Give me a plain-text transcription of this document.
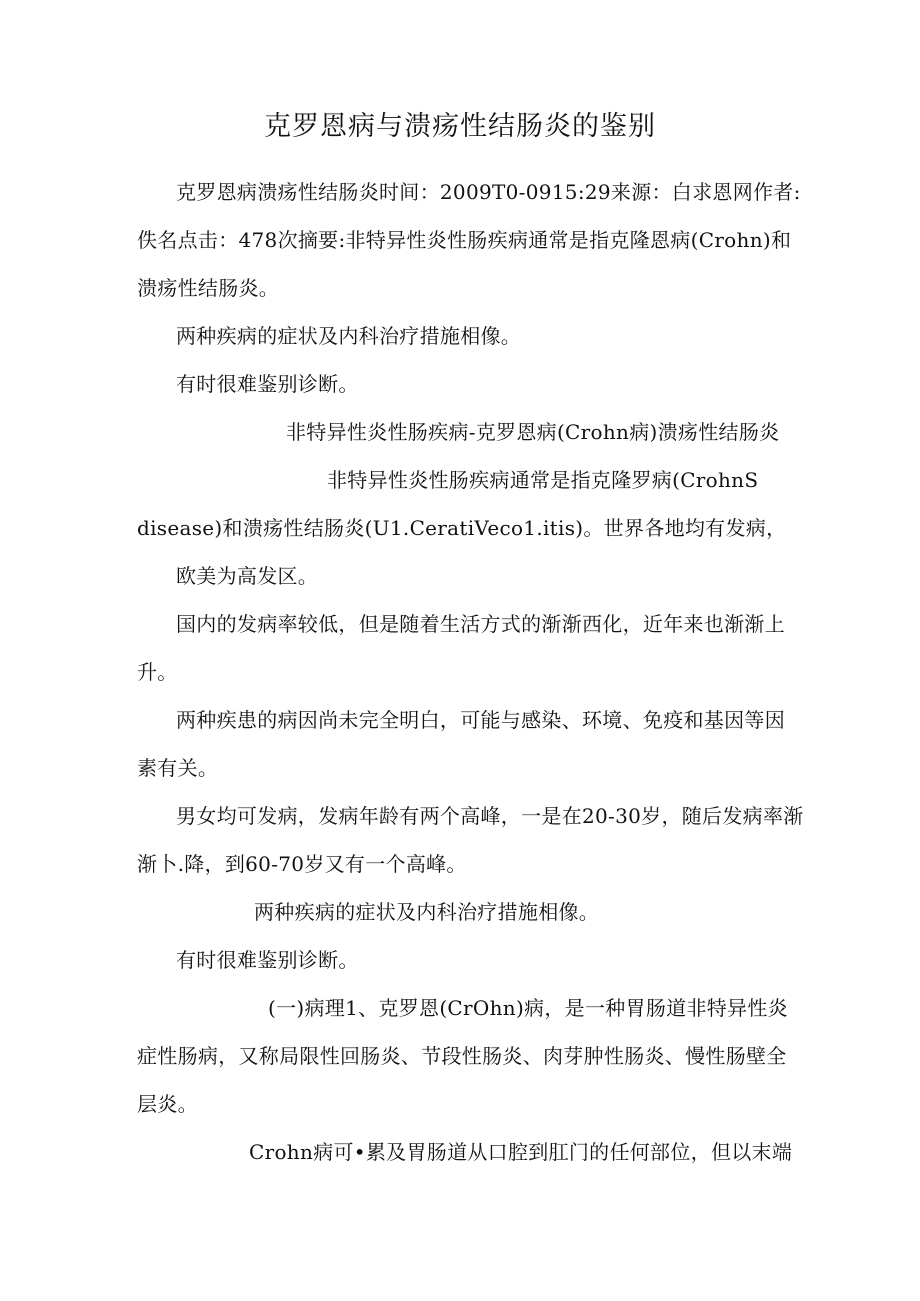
克罗恩病与溃疡性结肠炎的鉴别

克罗恩病溃疡性结肠炎时间：2009T0-0915:29来源：白求恩网作者:

佚名点击：478次摘要:非特异性炎性肠疾病通常是指克隆恩病(Crohn)和

溃疡性结肠炎。

两种疾病的症状及内科治疗措施相像。

有时很难鉴别诊断。

非特异性炎性肠疾病-克罗恩病(Crohn病)溃疡性结肠炎

非特异性炎性肠疾病通常是指克隆罗病(CrohnS

disease)和溃疡性结肠炎(U1.CeratiVeco1.itis)。世界各地均有发病，

欧美为高发区。

国内的发病率较低，但是随着生活方式的渐渐西化，近年来也渐渐上

升。

两种疾患的病因尚未完全明白，可能与感染、环境、免疫和基因等因

素有关。

男女均可发病，发病年龄有两个高峰，一是在20-30岁，随后发病率渐

渐卜.降，到60-70岁又有一个高峰。

两种疾病的症状及内科治疗措施相像。

有时很难鉴别诊断。

(一)病理1、克罗恩(CrOhn)病，是一种胃肠道非特异性炎

症性肠病，又称局限性回肠炎、节段性肠炎、肉芽肿性肠炎、慢性肠壁全

层炎。

Crohn病可•累及胃肠道从口腔到肛门的任何部位，但以末端
